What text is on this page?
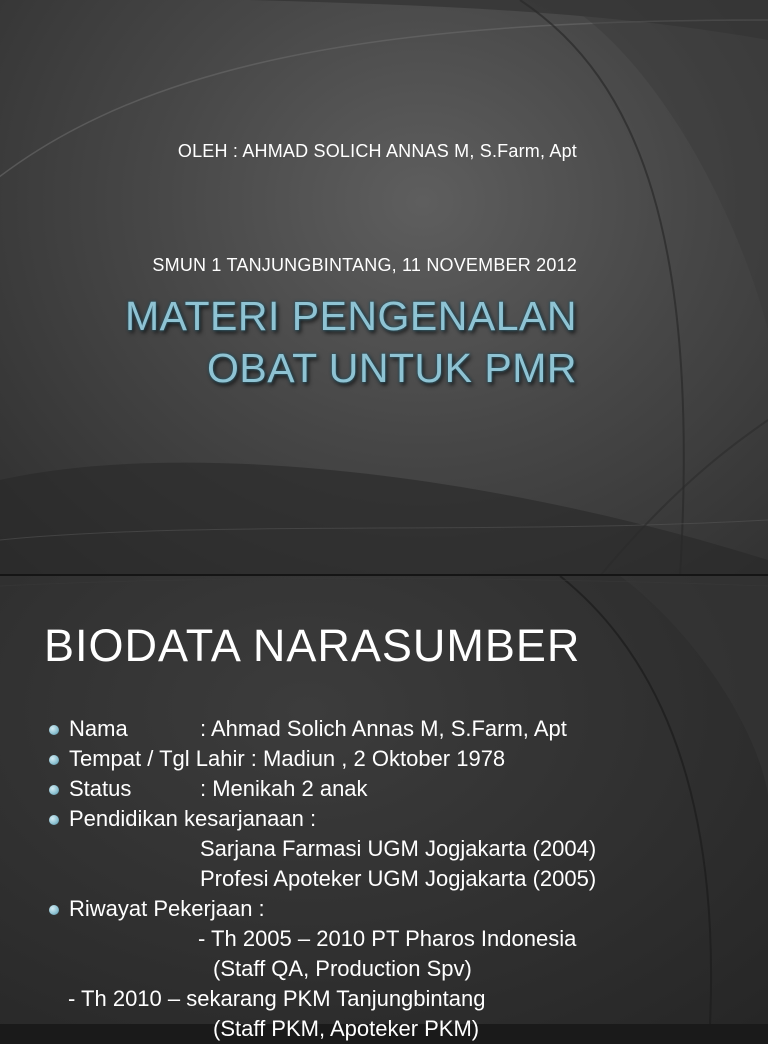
OLEH : AHMAD SOLICH ANNAS M, S.Farm, Apt
SMUN 1 TANJUNGBINTANG, 11 NOVEMBER 2012
MATERI PENGENALAN
OBAT UNTUK PMR
BIODATA NARASUMBER
Nama	: Ahmad Solich Annas M, S.Farm, Apt
Tempat / Tgl Lahir : Madiun , 2 Oktober 1978
Status	: Menikah 2 anak
Pendidikan kesarjanaan :
Sarjana Farmasi UGM Jogjakarta (2004)
Profesi Apoteker UGM Jogjakarta (2005)
Riwayat Pekerjaan :
- Th 2005 – 2010 PT Pharos Indonesia
(Staff QA, Production Spv)
- Th 2010 – sekarang PKM Tanjungbintang
(Staff PKM, Apoteker PKM)
